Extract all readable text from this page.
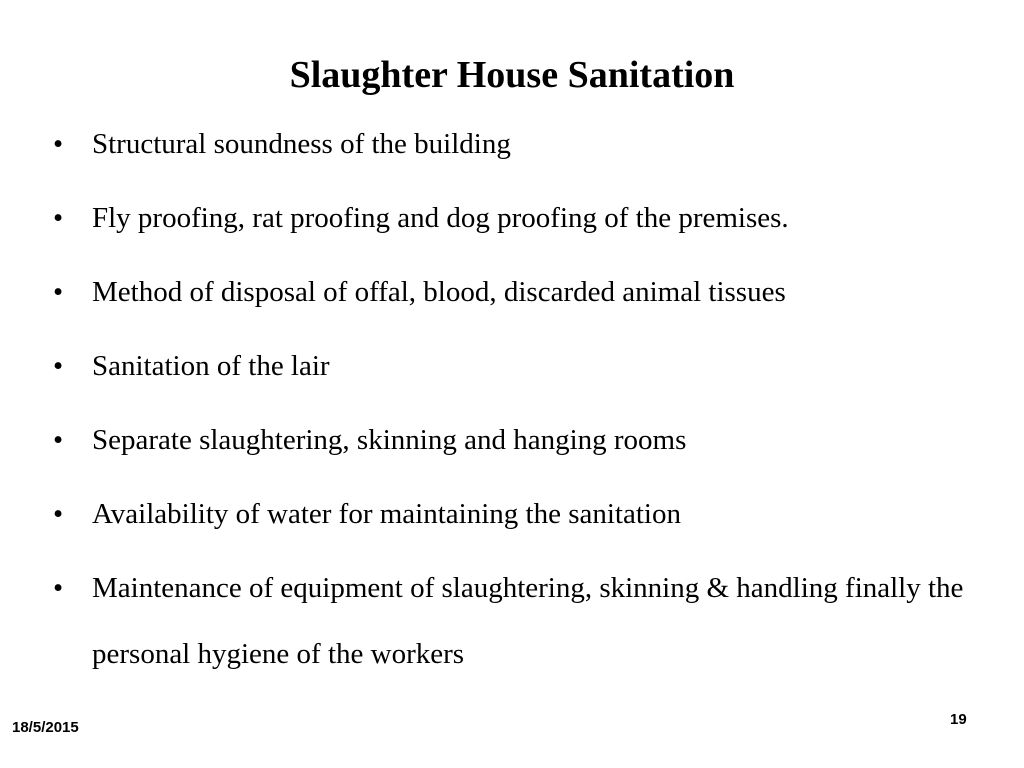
Slaughter House Sanitation
• Structural soundness of the building
• Fly proofing, rat proofing and dog proofing of the premises.
• Method of disposal of offal, blood, discarded animal tissues
• Sanitation of the lair
• Separate slaughtering, skinning and hanging rooms
• Availability of water for maintaining the sanitation
• Maintenance of equipment of slaughtering, skinning & handling finally the personal hygiene of the workers
18/5/2015	19
